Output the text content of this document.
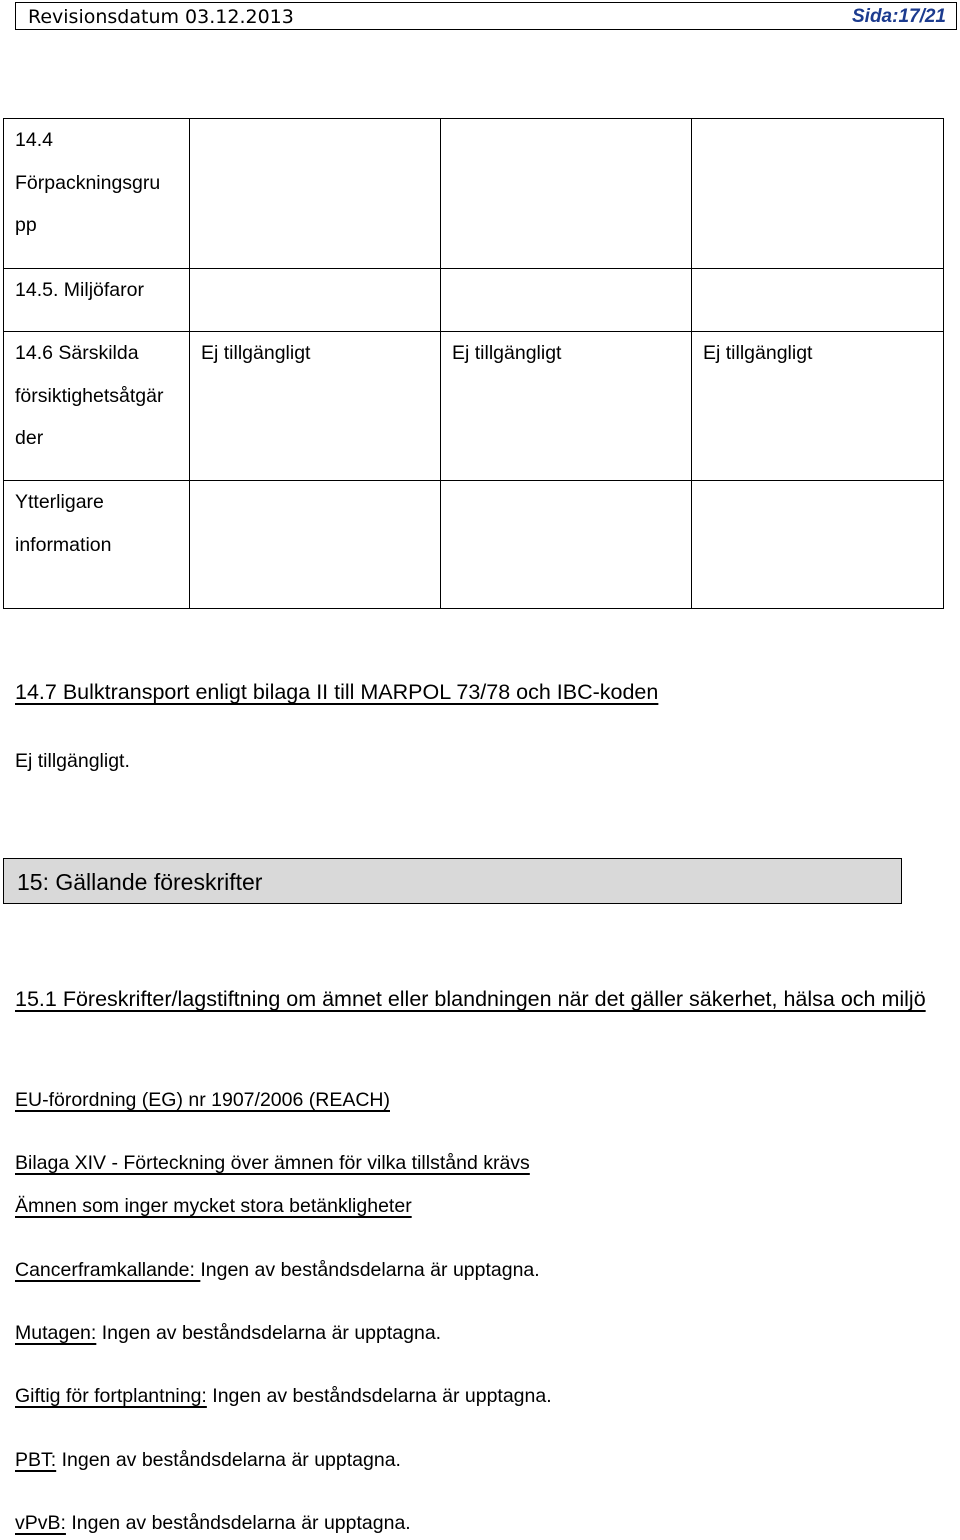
Revisionsdatum 03.12.2013	Sida:17/21
14.4
Förpackningsgru
pp			

14.5. Miljöfaror			

14.6 Särskilda
försiktighetsåtgär
der	Ej tillgängligt	Ej tillgängligt	Ej tillgängligt

Ytterligare
information			

14.7 Bulktransport enligt bilaga II till MARPOL 73/78 och IBC-koden
Ej tillgängligt.
15: Gällande föreskrifter
15.1 Föreskrifter/lagstiftning om ämnet eller blandningen när det gäller säkerhet, hälsa och miljö
EU-förordning (EG) nr 1907/2006 (REACH)
Bilaga XIV - Förteckning över ämnen för vilka tillstånd krävs
Ämnen som inger mycket stora betänkligheter
Cancerframkallande: Ingen av beståndsdelarna är upptagna.
Mutagen: Ingen av beståndsdelarna är upptagna.
Giftig för fortplantning: Ingen av beståndsdelarna är upptagna.
PBT: Ingen av beståndsdelarna är upptagna.
vPvB: Ingen av beståndsdelarna är upptagna.
